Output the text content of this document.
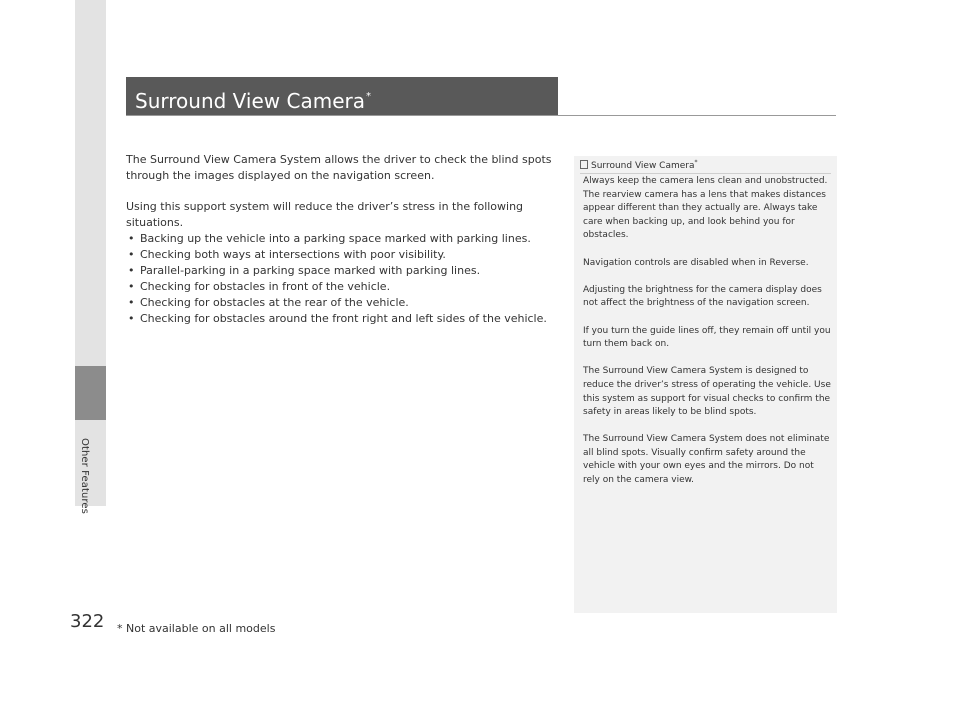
Other Features
322
Surround View Camera*

The Surround View Camera System allows the driver to check the blind spots through the images displayed on the navigation screen.

Using this support system will reduce the driver’s stress in the following situations.

• Backing up the vehicle into a parking space marked with parking lines.
• Checking both ways at intersections with poor visibility.
• Parallel-parking in a parking space marked with parking lines.
• Checking for obstacles in front of the vehicle.
• Checking for obstacles at the rear of the vehicle.
• Checking for obstacles around the front right and left sides of the vehicle.
Surround View Camera*

Always keep the camera lens clean and unobstructed. The rearview camera has a lens that makes distances appear different than they actually are. Always take care when backing up, and look behind you for obstacles.

Navigation controls are disabled when in Reverse.

Adjusting the brightness for the camera display does not affect the brightness of the navigation screen.

If you turn the guide lines off, they remain off until you turn them back on.

The Surround View Camera System is designed to reduce the driver’s stress of operating the vehicle. Use this system as support for visual checks to confirm the safety in areas likely to be blind spots.

The Surround View Camera System does not eliminate all blind spots. Visually confirm safety around the vehicle with your own eyes and the mirrors. Do not rely on the camera view.

* Not available on all models
